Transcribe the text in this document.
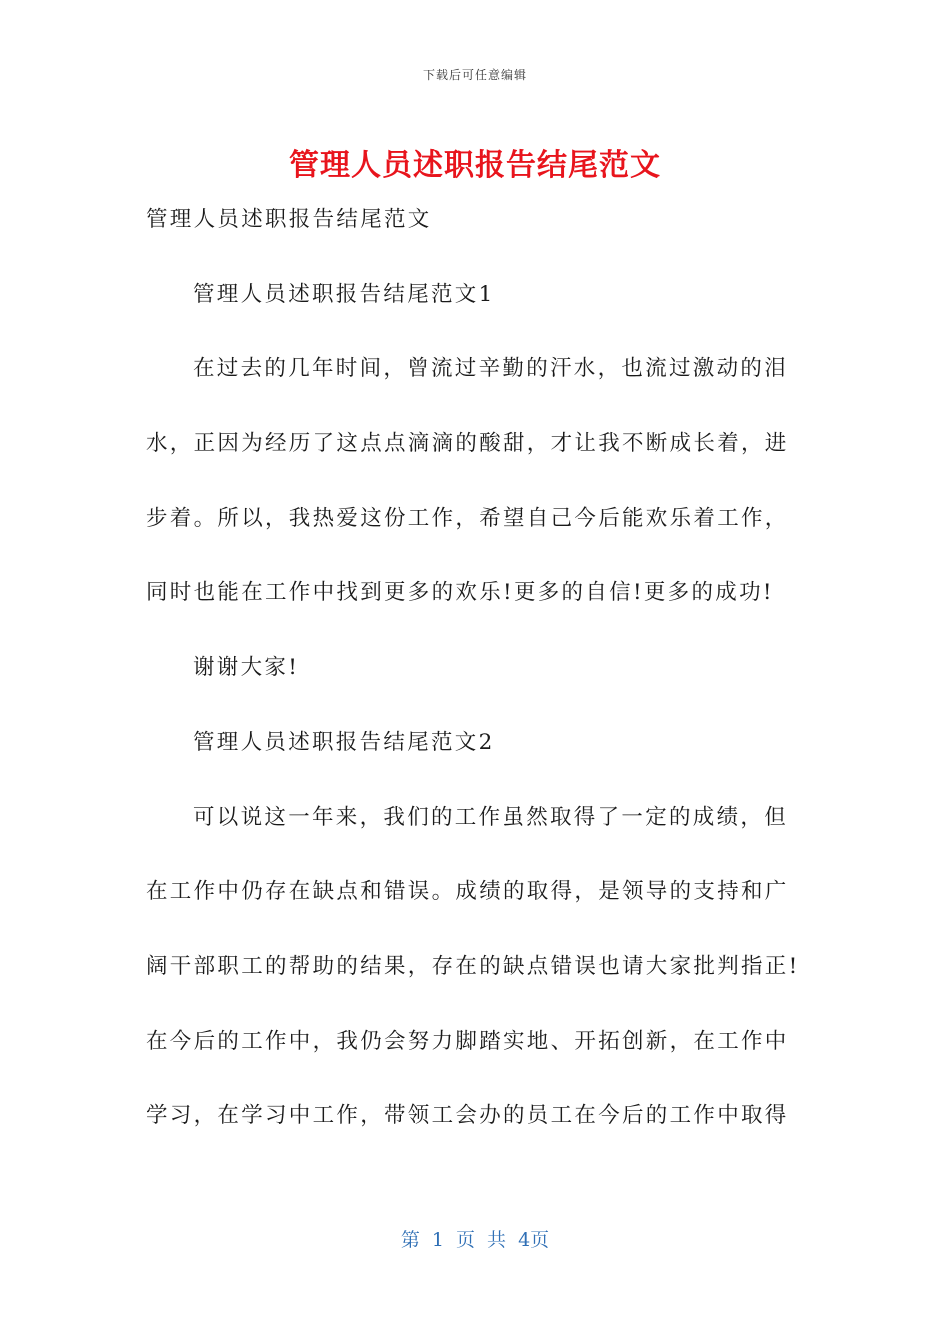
下载后可任意编辑
管理人员述职报告结尾范文
管理人员述职报告结尾范文
管理人员述职报告结尾范文1
在过去的几年时间，曾流过辛勤的汗水，也流过激动的泪
水，正因为经历了这点点滴滴的酸甜，才让我不断成长着，进
步着。所以，我热爱这份工作，希望自己今后能欢乐着工作，
同时也能在工作中找到更多的欢乐!更多的自信!更多的成功!
谢谢大家!
管理人员述职报告结尾范文2
可以说这一年来，我们的工作虽然取得了一定的成绩，但
在工作中仍存在缺点和错误。成绩的取得，是领导的支持和广
阔干部职工的帮助的结果，存在的缺点错误也请大家批判指正!
在今后的工作中，我仍会努力脚踏实地、开拓创新，在工作中
学习，在学习中工作，带领工会办的员工在今后的工作中取得
第 1 页 共 4页
